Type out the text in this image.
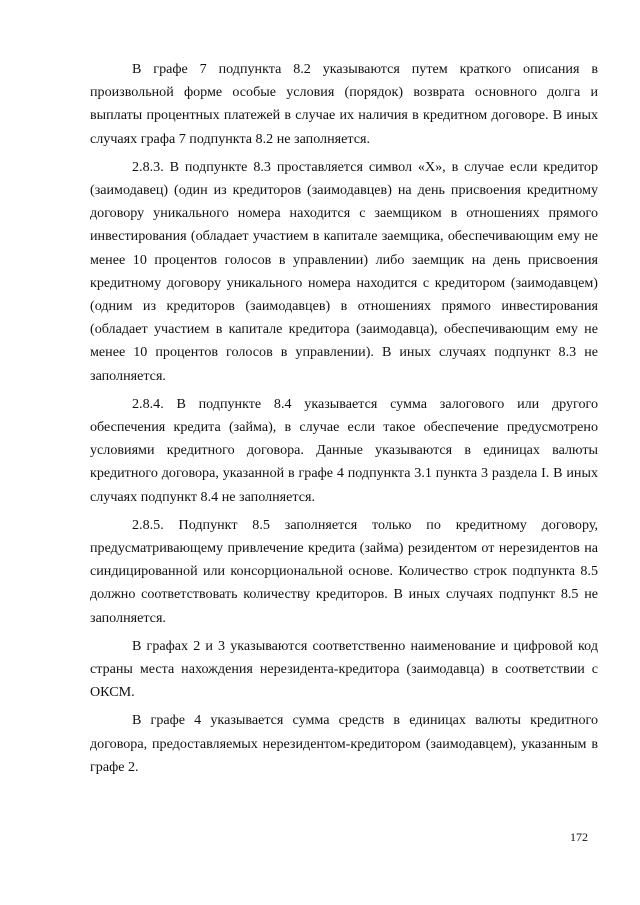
В графе 7 подпункта 8.2 указываются путем краткого описания в произвольной форме особые условия (порядок) возврата основного долга и выплаты процентных платежей в случае их наличия в кредитном договоре. В иных случаях графа 7 подпункта 8.2 не заполняется.

2.8.3. В подпункте 8.3 проставляется символ «X», в случае если кредитор (заимодавец) (один из кредиторов (заимодавцев) на день присвоения кредитному договору уникального номера находится с заемщиком в отношениях прямого инвестирования (обладает участием в капитале заемщика, обеспечивающим ему не менее 10 процентов голосов в управлении) либо заемщик на день присвоения кредитному договору уникального номера находится с кредитором (заимодавцем) (одним из кредиторов (заимодавцев) в отношениях прямого инвестирования (обладает участием в капитале кредитора (заимодавца), обеспечивающим ему не менее 10 процентов голосов в управлении). В иных случаях подпункт 8.3 не заполняется.

2.8.4. В подпункте 8.4 указывается сумма залогового или другого обеспечения кредита (займа), в случае если такое обеспечение предусмотрено условиями кредитного договора. Данные указываются в единицах валюты кредитного договора, указанной в графе 4 подпункта 3.1 пункта 3 раздела I. В иных случаях подпункт 8.4 не заполняется.

2.8.5. Подпункт 8.5 заполняется только по кредитному договору, предусматривающему привлечение кредита (займа) резидентом от нерезидентов на синдицированной или консорциональной основе. Количество строк подпункта 8.5 должно соответствовать количеству кредиторов. В иных случаях подпункт 8.5 не заполняется.

В графах 2 и 3 указываются соответственно наименование и цифровой код страны места нахождения нерезидента-кредитора (заимодавца) в соответствии с ОКСМ.

В графе 4 указывается сумма средств в единицах валюты кредитного договора, предоставляемых нерезидентом-кредитором (заимодавцем), указанным в графе 2.

172
